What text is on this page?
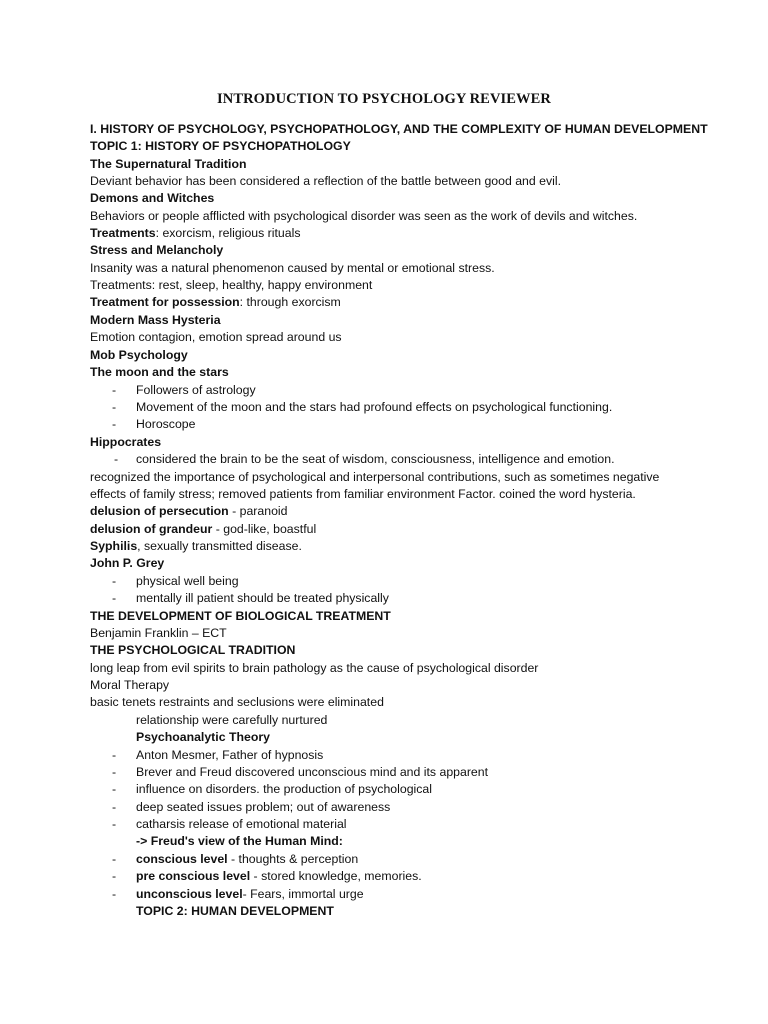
INTRODUCTION TO PSYCHOLOGY REVIEWER
I. HISTORY OF PSYCHOLOGY, PSYCHOPATHOLOGY, AND THE COMPLEXITY OF HUMAN DEVELOPMENT
TOPIC 1: HISTORY OF PSYCHOPATHOLOGY
The Supernatural Tradition
Deviant behavior has been considered a reflection of the battle between good and evil.
Demons and Witches
Behaviors or people afflicted with psychological disorder was seen as the work of devils and witches.
Treatments: exorcism, religious rituals
Stress and Melancholy
Insanity was a natural phenomenon caused by mental or emotional stress.
Treatments: rest, sleep, healthy, happy environment
Treatment for possession: through exorcism
Modern Mass Hysteria
Emotion contagion, emotion spread around us
Mob Psychology
The moon and the stars
- Followers of astrology
- Movement of the moon and the stars had profound effects on psychological functioning.
- Horoscope
Hippocrates
- considered the brain to be the seat of wisdom, consciousness, intelligence and emotion.
recognized the importance of psychological and interpersonal contributions, such as sometimes negative
effects of family stress; removed patients from familiar environment Factor. coined the word hysteria.
delusion of persecution - paranoid
delusion of grandeur - god-like, boastful
Syphilis, sexually transmitted disease.
John P. Grey
- physical well being
- mentally ill patient should be treated physically
THE DEVELOPMENT OF BIOLOGICAL TREATMENT
Benjamin Franklin – ECT
THE PSYCHOLOGICAL TRADITION
long leap from evil spirits to brain pathology as the cause of psychological disorder
Moral Therapy
basic tenets restraints and seclusions were eliminated
relationship were carefully nurtured
Psychoanalytic Theory
- Anton Mesmer, Father of hypnosis
- Brever and Freud discovered unconscious mind and its apparent
- influence on disorders. the production of psychological
- deep seated issues problem; out of awareness
- catharsis release of emotional material
-> Freud's view of the Human Mind:
- conscious level - thoughts & perception
- pre conscious level - stored knowledge, memories.
- unconscious level- Fears, immortal urge
TOPIC 2: HUMAN DEVELOPMENT
